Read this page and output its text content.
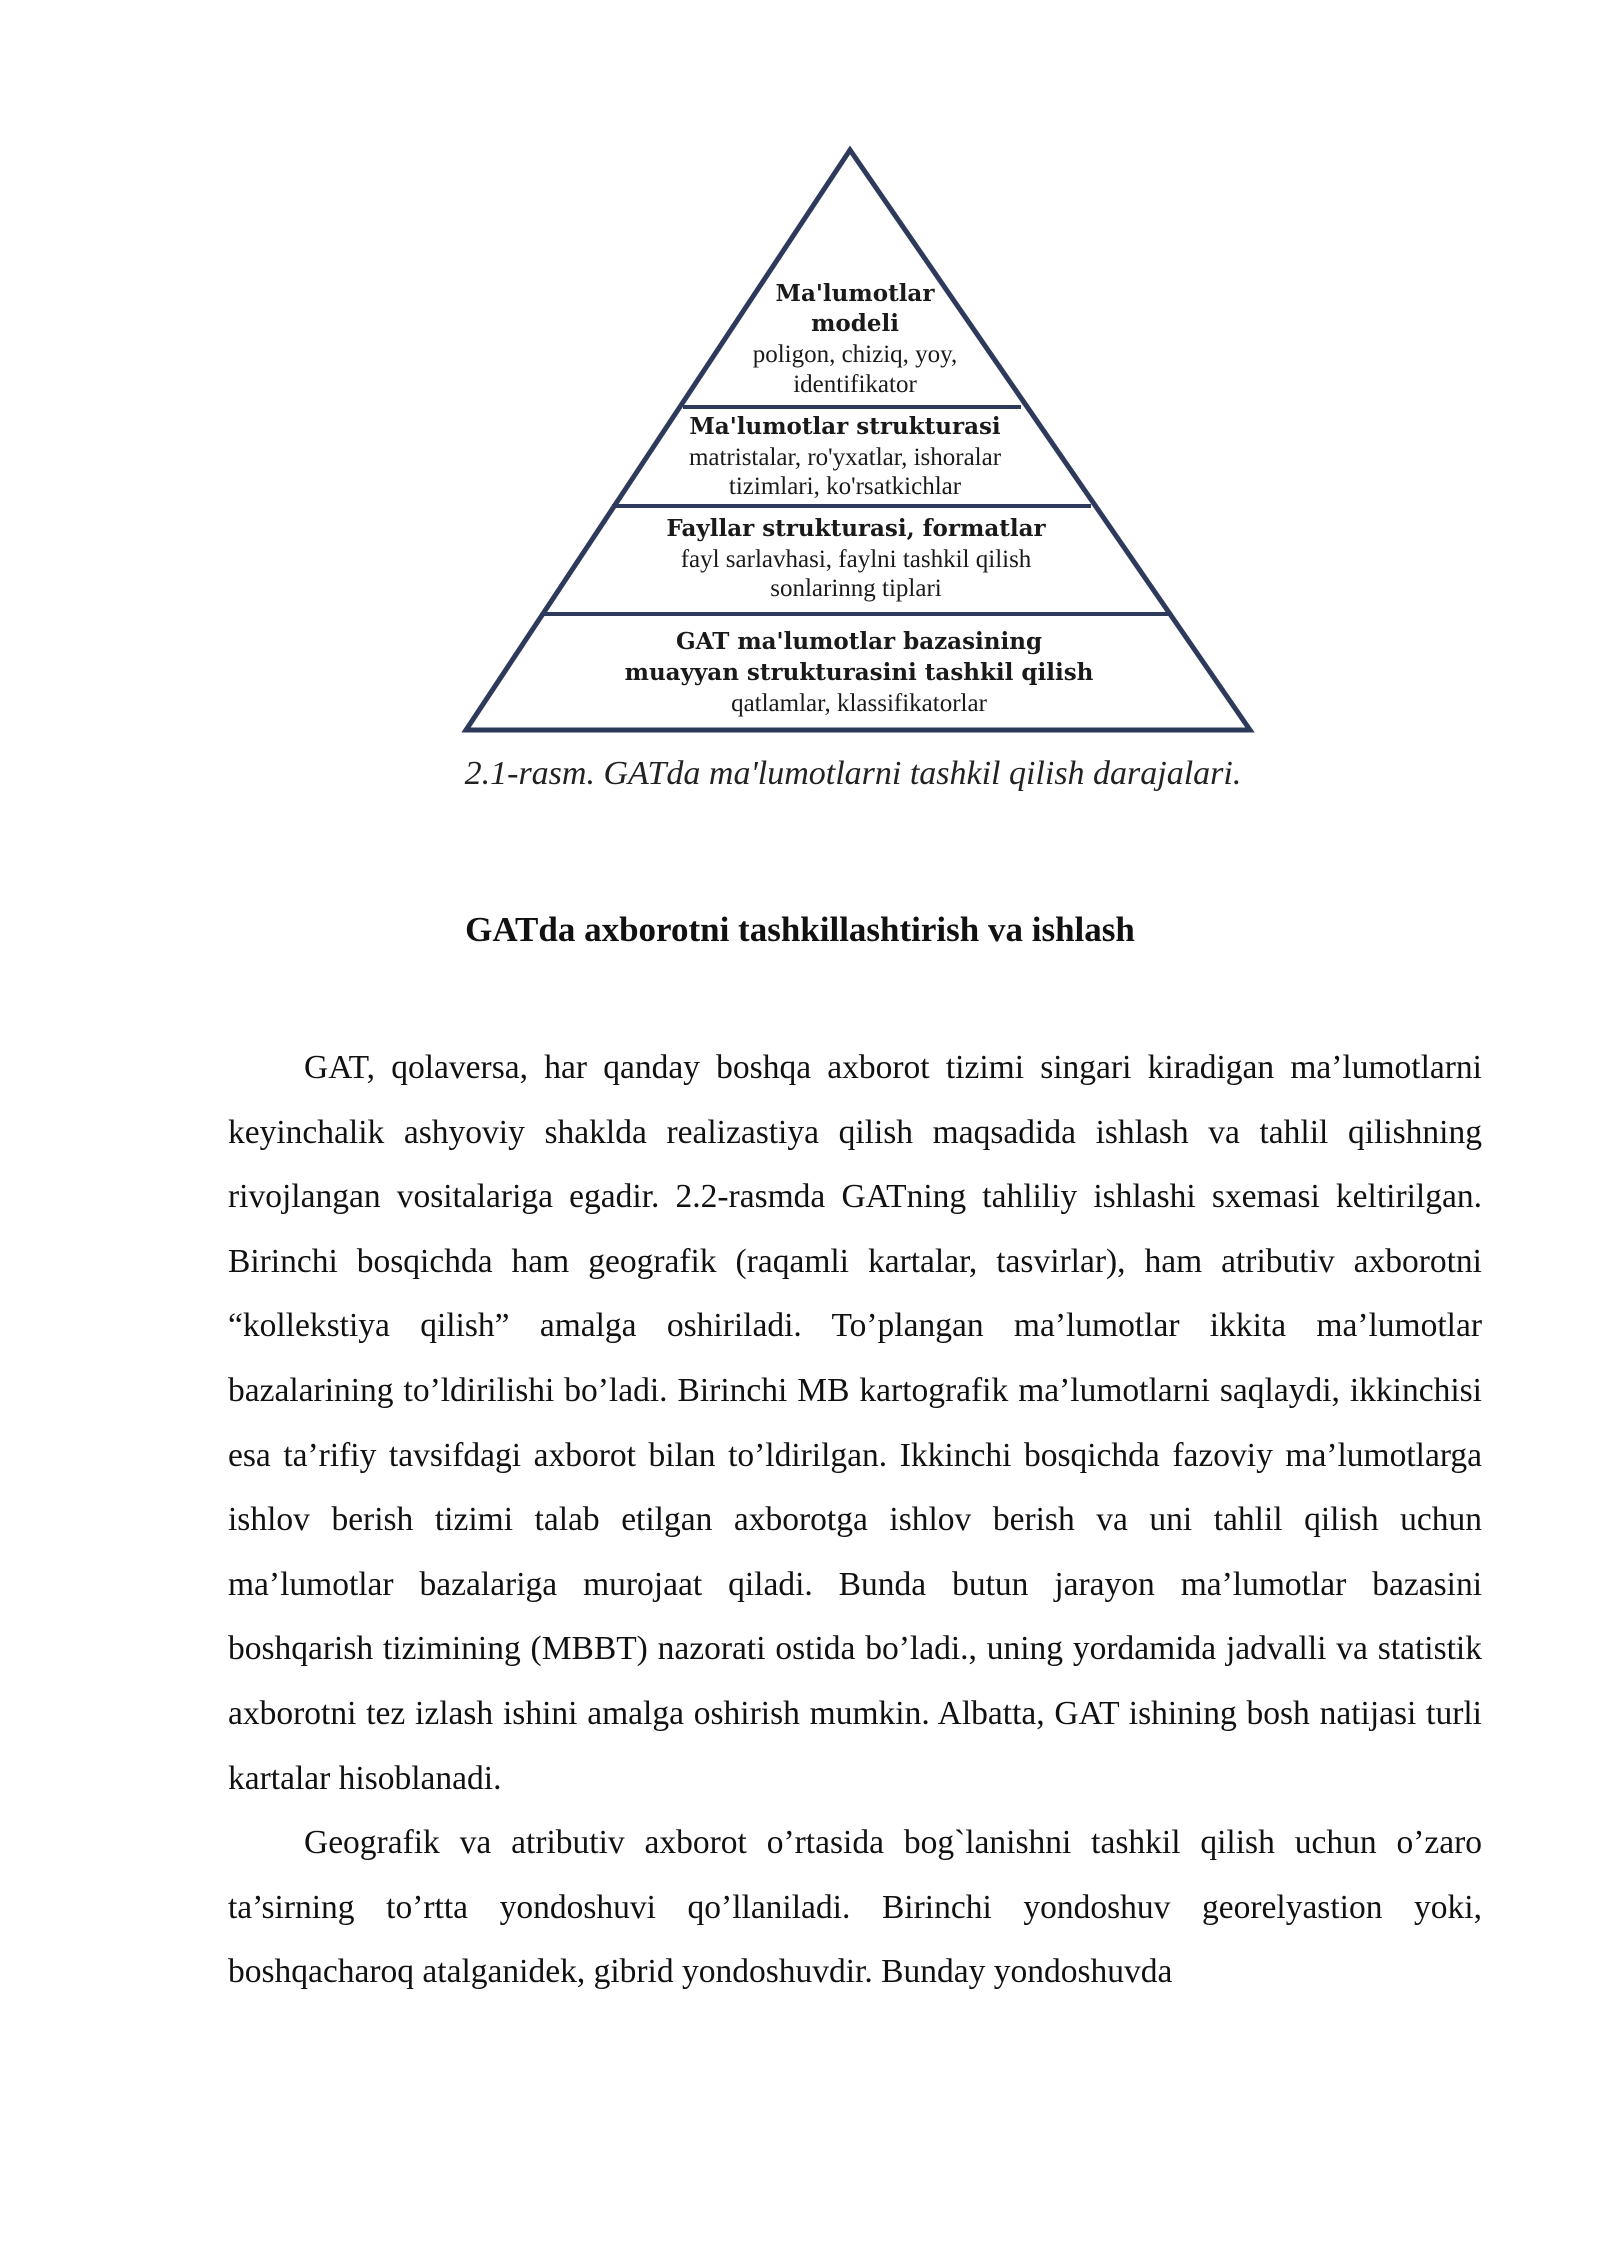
Ma'lumotlar
modeli
poligon, chiziq, yoy,
identifikator
Ma'lumotlar strukturasi
matristalar, ro'yxatlar, ishoralar
tizimlari, ko'rsatkichlar
Fayllar strukturasi, formatlar
fayl sarlavhasi, faylni tashkil qilish
sonlarinng tiplari
GAT ma'lumotlar bazasining
muayyan strukturasini tashkil qilish
qatlamlar, klassifikatorlar
2.1-rasm. GATda ma'lumotlarni tashkil qilish darajalari.
GATda axborotni tashkillashtirish va ishlash

GAT, qolaversa, har qanday boshqa axborot tizimi singari kiradigan ma’lumotlarni keyinchalik ashyoviy shaklda realizastiya qilish maqsadida ishlash va tahlil qilishning rivojlangan vositalariga egadir. 2.2-rasmda GATning tahliliy ishlashi sxemasi keltirilgan. Birinchi bosqichda ham geografik (raqamli kartalar, tasvirlar), ham atributiv axborotni “kollekstiya qilish” amalga oshiriladi. To’plangan ma’lumotlar ikkita ma’lumotlar bazalarining to’ldirilishi bo’ladi. Birinchi MB kartografik ma’lumotlarni saqlaydi, ikkinchisi esa ta’rifiy tavsifdagi axborot bilan to’ldirilgan. Ikkinchi bosqichda fazoviy ma’lumotlarga ishlov berish tizimi talab etilgan axborotga ishlov berish va uni tahlil qilish uchun ma’lumotlar bazalariga murojaat qiladi. Bunda butun jarayon ma’lumotlar bazasini boshqarish tizimining (MBBT) nazorati ostida bo’ladi., uning yordamida jadvalli va statistik axborotni tez izlash ishini amalga oshirish mumkin. Albatta, GAT ishining bosh natijasi turli kartalar hisoblanadi.

Geografik va atributiv axborot o’rtasida bog`lanishni tashkil qilish uchun o’zaro ta’sirning to’rtta yondoshuvi qo’llaniladi. Birinchi yondoshuv georelyastion yoki, boshqacharoq atalganidek, gibrid yondoshuvdir. Bunday yondoshuvda
